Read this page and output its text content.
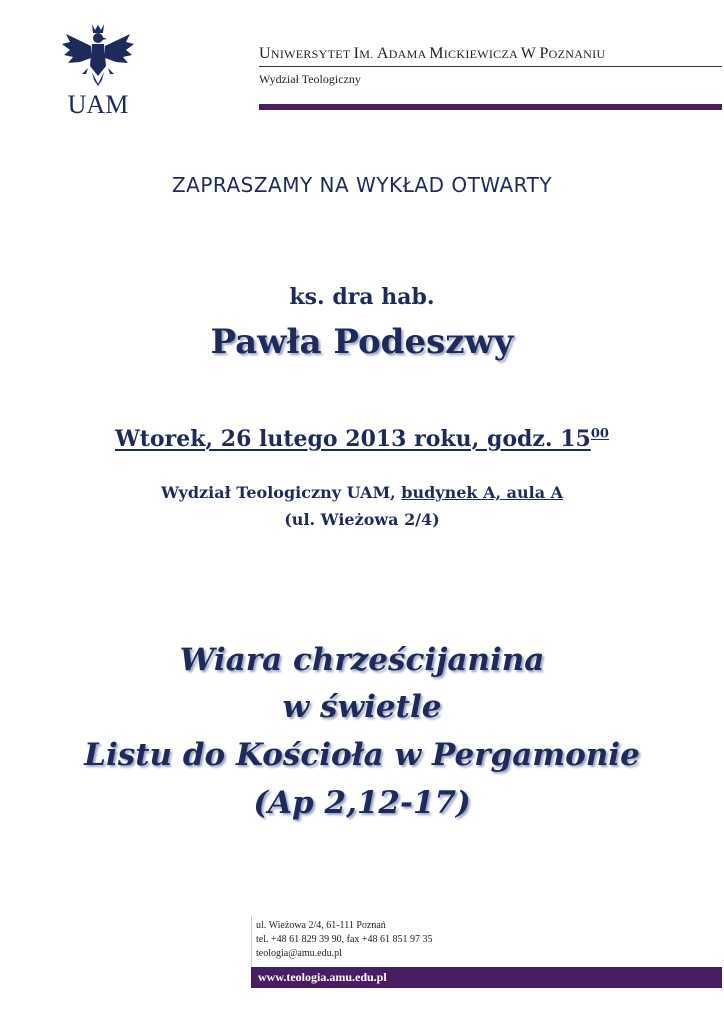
UAM
UNIWERSYTET IM. ADAMA MICKIEWICZA W POZNANIU
Wydział Teologiczny
ZAPRASZAMY NA WYKŁAD OTWARTY
ks. dra hab.
Pawła Podeszwy
Wtorek, 26 lutego 2013 roku, godz. $15^{00}$
Wydział Teologiczny UAM, budynek A, aula A
(ul. Wieżowa 2/4)
Wiara chrześcijanina
w świetle
Listu do Kościoła w Pergamonie
(Ap 2,12-17)
ul. Wieżowa 2/4, 61-111 Poznań
tel. +48 61 829 39 90, fax +48 61 851 97 35
teologia@amu.edu.pl
www.teologia.amu.edu.pl
